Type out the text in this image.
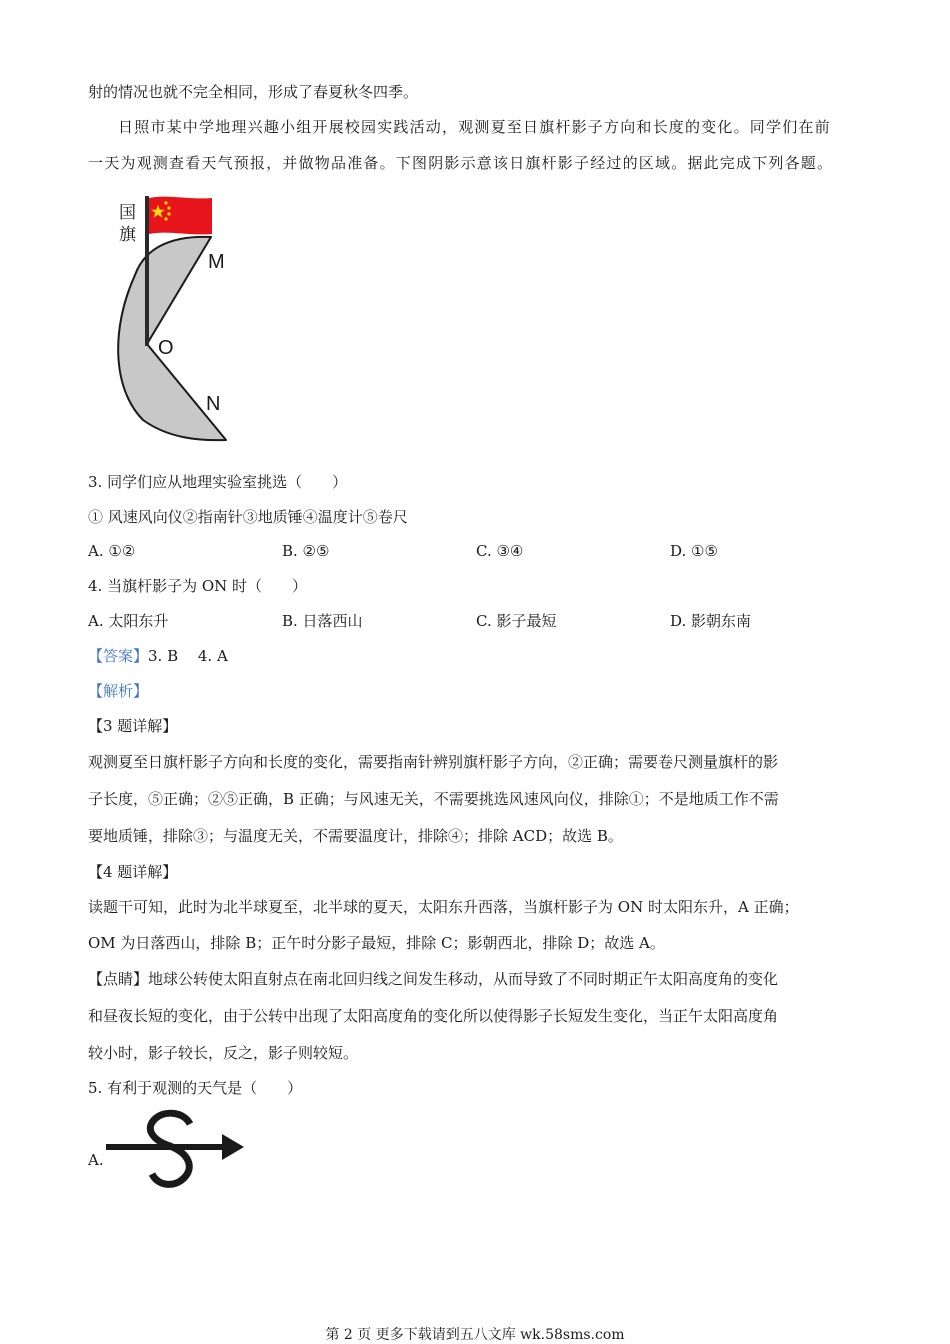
射的情况也就不完全相同，形成了春夏秋冬四季。
日照市某中学地理兴趣小组开展校园实践活动，观测夏至日旗杆影子方向和长度的变化。同学们在前
一天为观测查看天气预报，并做物品准备。下图阴影示意该日旗杆影子经过的区域。据此完成下列各题。
国
旗
M
O
N
3. 同学们应从地理实验室挑选（　　）
① 风速风向仪②指南针③地质锤④温度计⑤卷尺
A. ①②	B. ②⑤	C. ③④	D. ①⑤
4. 当旗杆影子为 ON 时（　　）
A. 太阳东升	B. 日落西山	C. 影子最短	D. 影朝东南
【答案】3. B　 4. A
【解析】
【3 题详解】
观测夏至日旗杆影子方向和长度的变化，需要指南针辨别旗杆影子方向，②正确；需要卷尺测量旗杆的影
子长度，⑤正确；②⑤正确，B 正确；与风速无关，不需要挑选风速风向仪，排除①；不是地质工作不需
要地质锤，排除③；与温度无关，不需要温度计，排除④；排除 ACD；故选 B。
【4 题详解】
读题干可知，此时为北半球夏至，北半球的夏天，太阳东升西落，当旗杆影子为 ON 时太阳东升，A 正确；
OM 为日落西山，排除 B；正午时分影子最短，排除 C；影朝西北，排除 D；故选 A。
【点睛】地球公转使太阳直射点在南北回归线之间发生移动，从而导致了不同时期正午太阳高度角的变化
和昼夜长短的变化，由于公转中出现了太阳高度角的变化所以使得影子长短发生变化，当正午太阳高度角
较小时，影子较长，反之，影子则较短。
5. 有利于观测的天气是（　　）
A.
第 2 页 更多下载请到五八文库 wk.58sms.com
